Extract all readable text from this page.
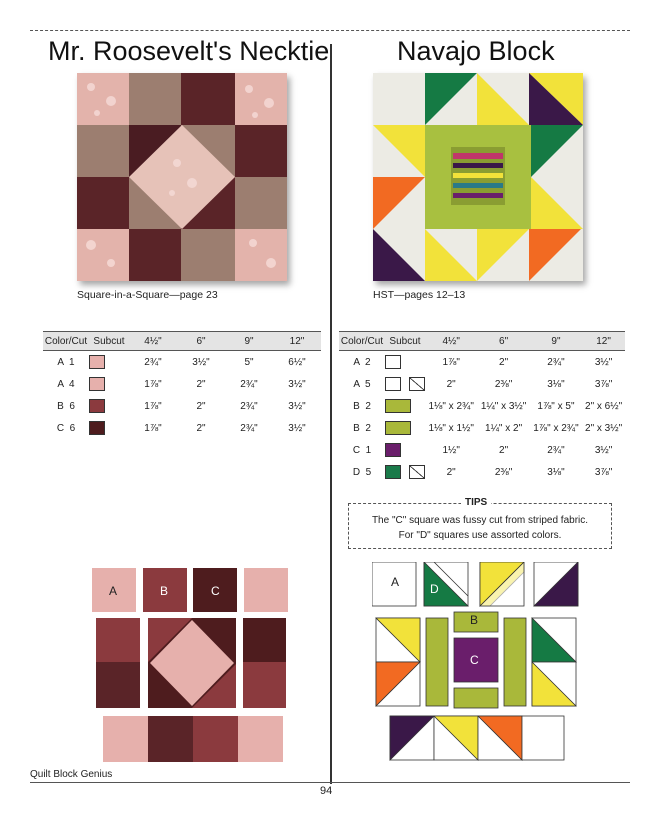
Mr. Roosevelt's Necktie
Square-in-a-Square—page 23
Color/Cut	Subcut	4½"	6"	9"	12"
A  1		2¾"	3½"	5"	6½"
A  4		1⅞"	2"	2¾"	3½"
B  6		1⅞"	2"	2¾"	3½"
C  6		1⅞"	2"	2¾"	3½"
A	B	C
Navajo Block
HST—pages 12–13
Color/Cut	Subcut	4½"	6"	9"	12"
A  2		1⅞"	2"	2¾"	3½"
A  5		2"	2⅜"	3⅛"	3⅞"
B  2		1⅛" x 2¾"	1¼" x 3½"	1⅞" x 5"	2" x 6½"
B  2		1⅛" x 1½"	1¼" x 2"	1⅞" x 2¾"	2" x 3½"
C  1		1½"	2"	2¾"	3½"
D  5		2"	2⅜"	3⅛"	3⅞"
TIPS

The "C" square was fussy cut from striped fabric.

For "D" squares use assorted colors.

A	D
B
C
Quilt Block Genius
94
